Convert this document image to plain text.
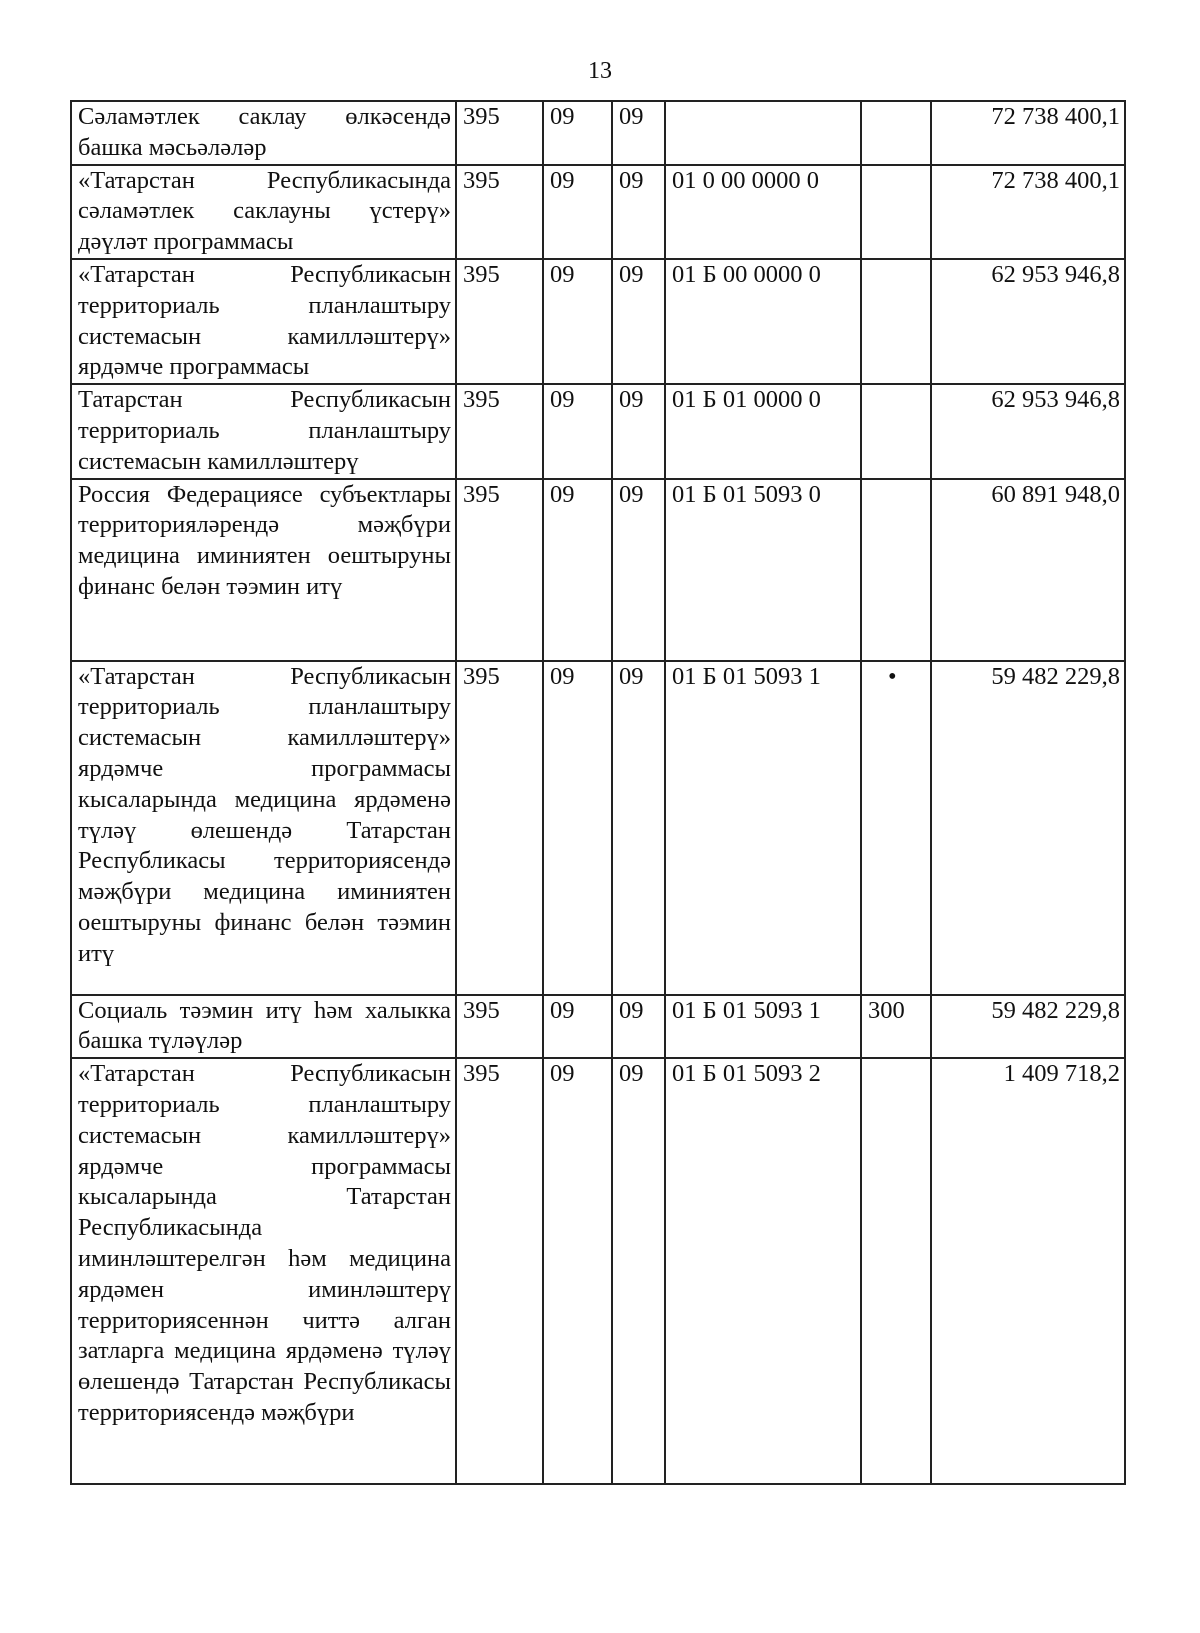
13
Сәламәтлек саклау өлкәсендә башка мәсьәләләр	395	09	09			72 738 400,1
«Татарстан Республикасында сәламәтлек саклауны үстерү» дәүләт программасы	395	09	09	01 0 00 0000 0		72 738 400,1
«Татарстан Республикасын территориаль планлаштыру системасын камилләштерү» ярдәмче программасы	395	09	09	01 Б 00 0000 0		62 953 946,8
Татарстан Республикасын территориаль планлаштыру системасын камилләштерү	395	09	09	01 Б 01 0000 0		62 953 946,8
Россия Федерациясе субъектлары территорияләрендә мәҗбүри медицина иминиятен оештыруны финанс белән тәэмин итү	395	09	09	01 Б 01 5093 0		60 891 948,0
«Татарстан Республикасын территориаль планлаштыру системасын камилләштерү» ярдәмче программасы кысаларында медицина ярдәменә түләү өлешендә Татарстан Республикасы территориясендә мәҗбүри медицина иминиятен оештыруны финанс белән тәэмин итү	395	09	09	01 Б 01 5093 1	•	59 482 229,8
Социаль тәэмин итү һәм халыкка башка түләүләр	395	09	09	01 Б 01 5093 1	300	59 482 229,8
«Татарстан Республикасын территориаль планлаштыру системасын камилләштерү» ярдәмче программасы кысаларында Татарстан Республикасында иминләштерелгән һәм медицина ярдәмен иминләштерү территориясеннән читтә алган затларга медицина ярдәменә түләү өлешендә Татарстан Республикасы территориясендә мәҗбүри	395	09	09	01 Б 01 5093 2		1 409 718,2
